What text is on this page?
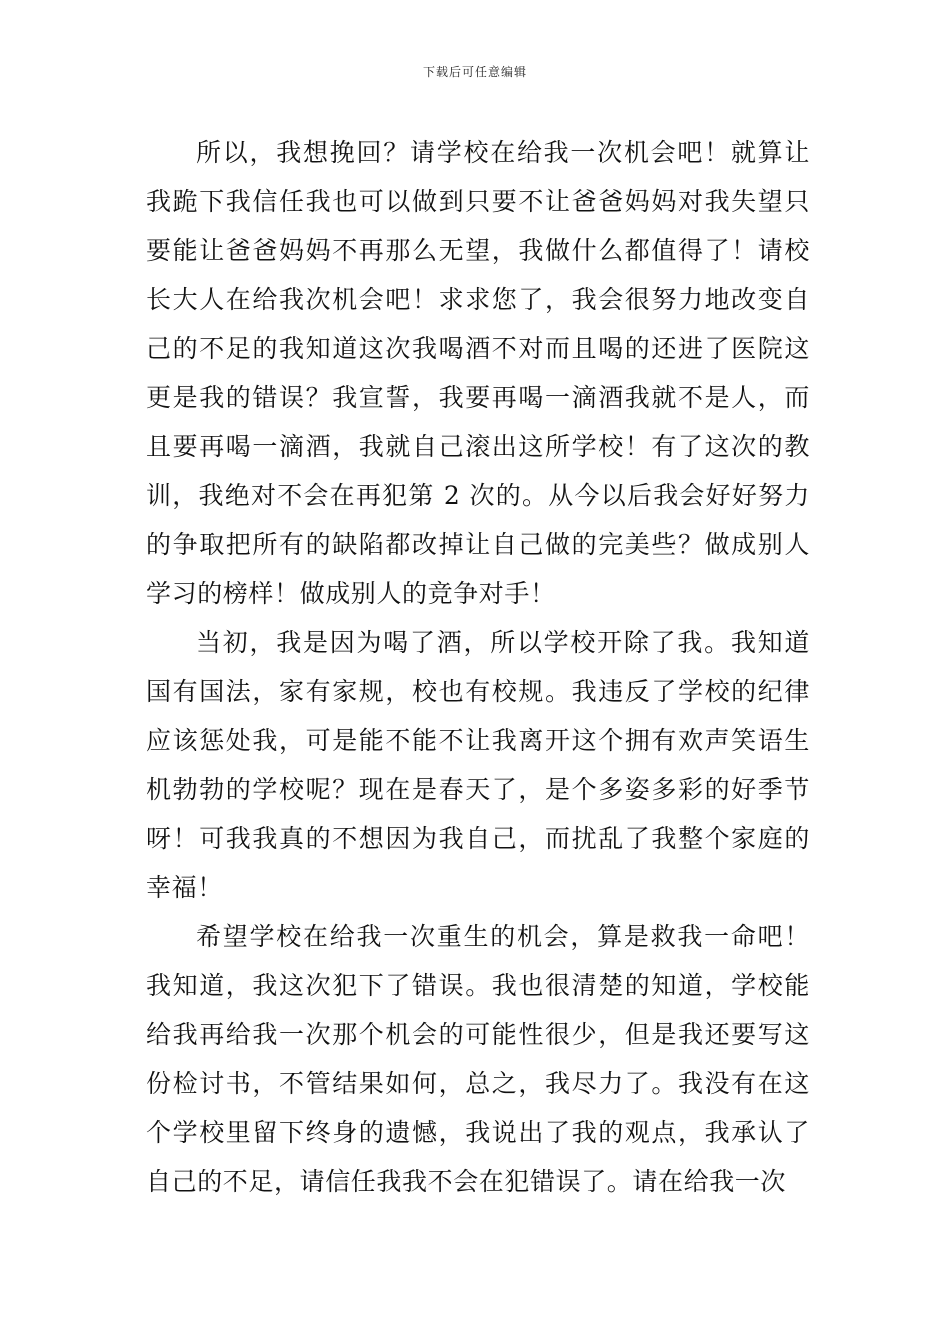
下载后可任意编辑

所以，我想挽回？请学校在给我一次机会吧！就算让我跪下我信任我也可以做到只要不让爸爸妈妈对我失望只要能让爸爸妈妈不再那么无望，我做什么都值得了！请校长大人在给我次机会吧！求求您了，我会很努力地改变自己的不足的我知道这次我喝酒不对而且喝的还进了医院这更是我的错误？我宣誓，我要再喝一滴酒我就不是人，而且要再喝一滴酒，我就自己滚出这所学校！有了这次的教训，我绝对不会在再犯第 2 次的。从今以后我会好好努力的争取把所有的缺陷都改掉让自己做的完美些？做成别人学习的榜样！做成别人的竞争对手！

当初，我是因为喝了酒，所以学校开除了我。我知道国有国法，家有家规，校也有校规。我违反了学校的纪律应该惩处我，可是能不能不让我离开这个拥有欢声笑语生机勃勃的学校呢？现在是春天了，是个多姿多彩的好季节呀！可我我真的不想因为我自己，而扰乱了我整个家庭的幸福！

希望学校在给我一次重生的机会，算是救我一命吧！我知道，我这次犯下了错误。我也很清楚的知道，学校能给我再给我一次那个机会的可能性很少，但是我还要写这份检讨书，不管结果如何，总之，我尽力了。我没有在这个学校里留下终身的遗憾，我说出了我的观点，我承认了自己的不足，请信任我我不会在犯错误了。请在给我一次
